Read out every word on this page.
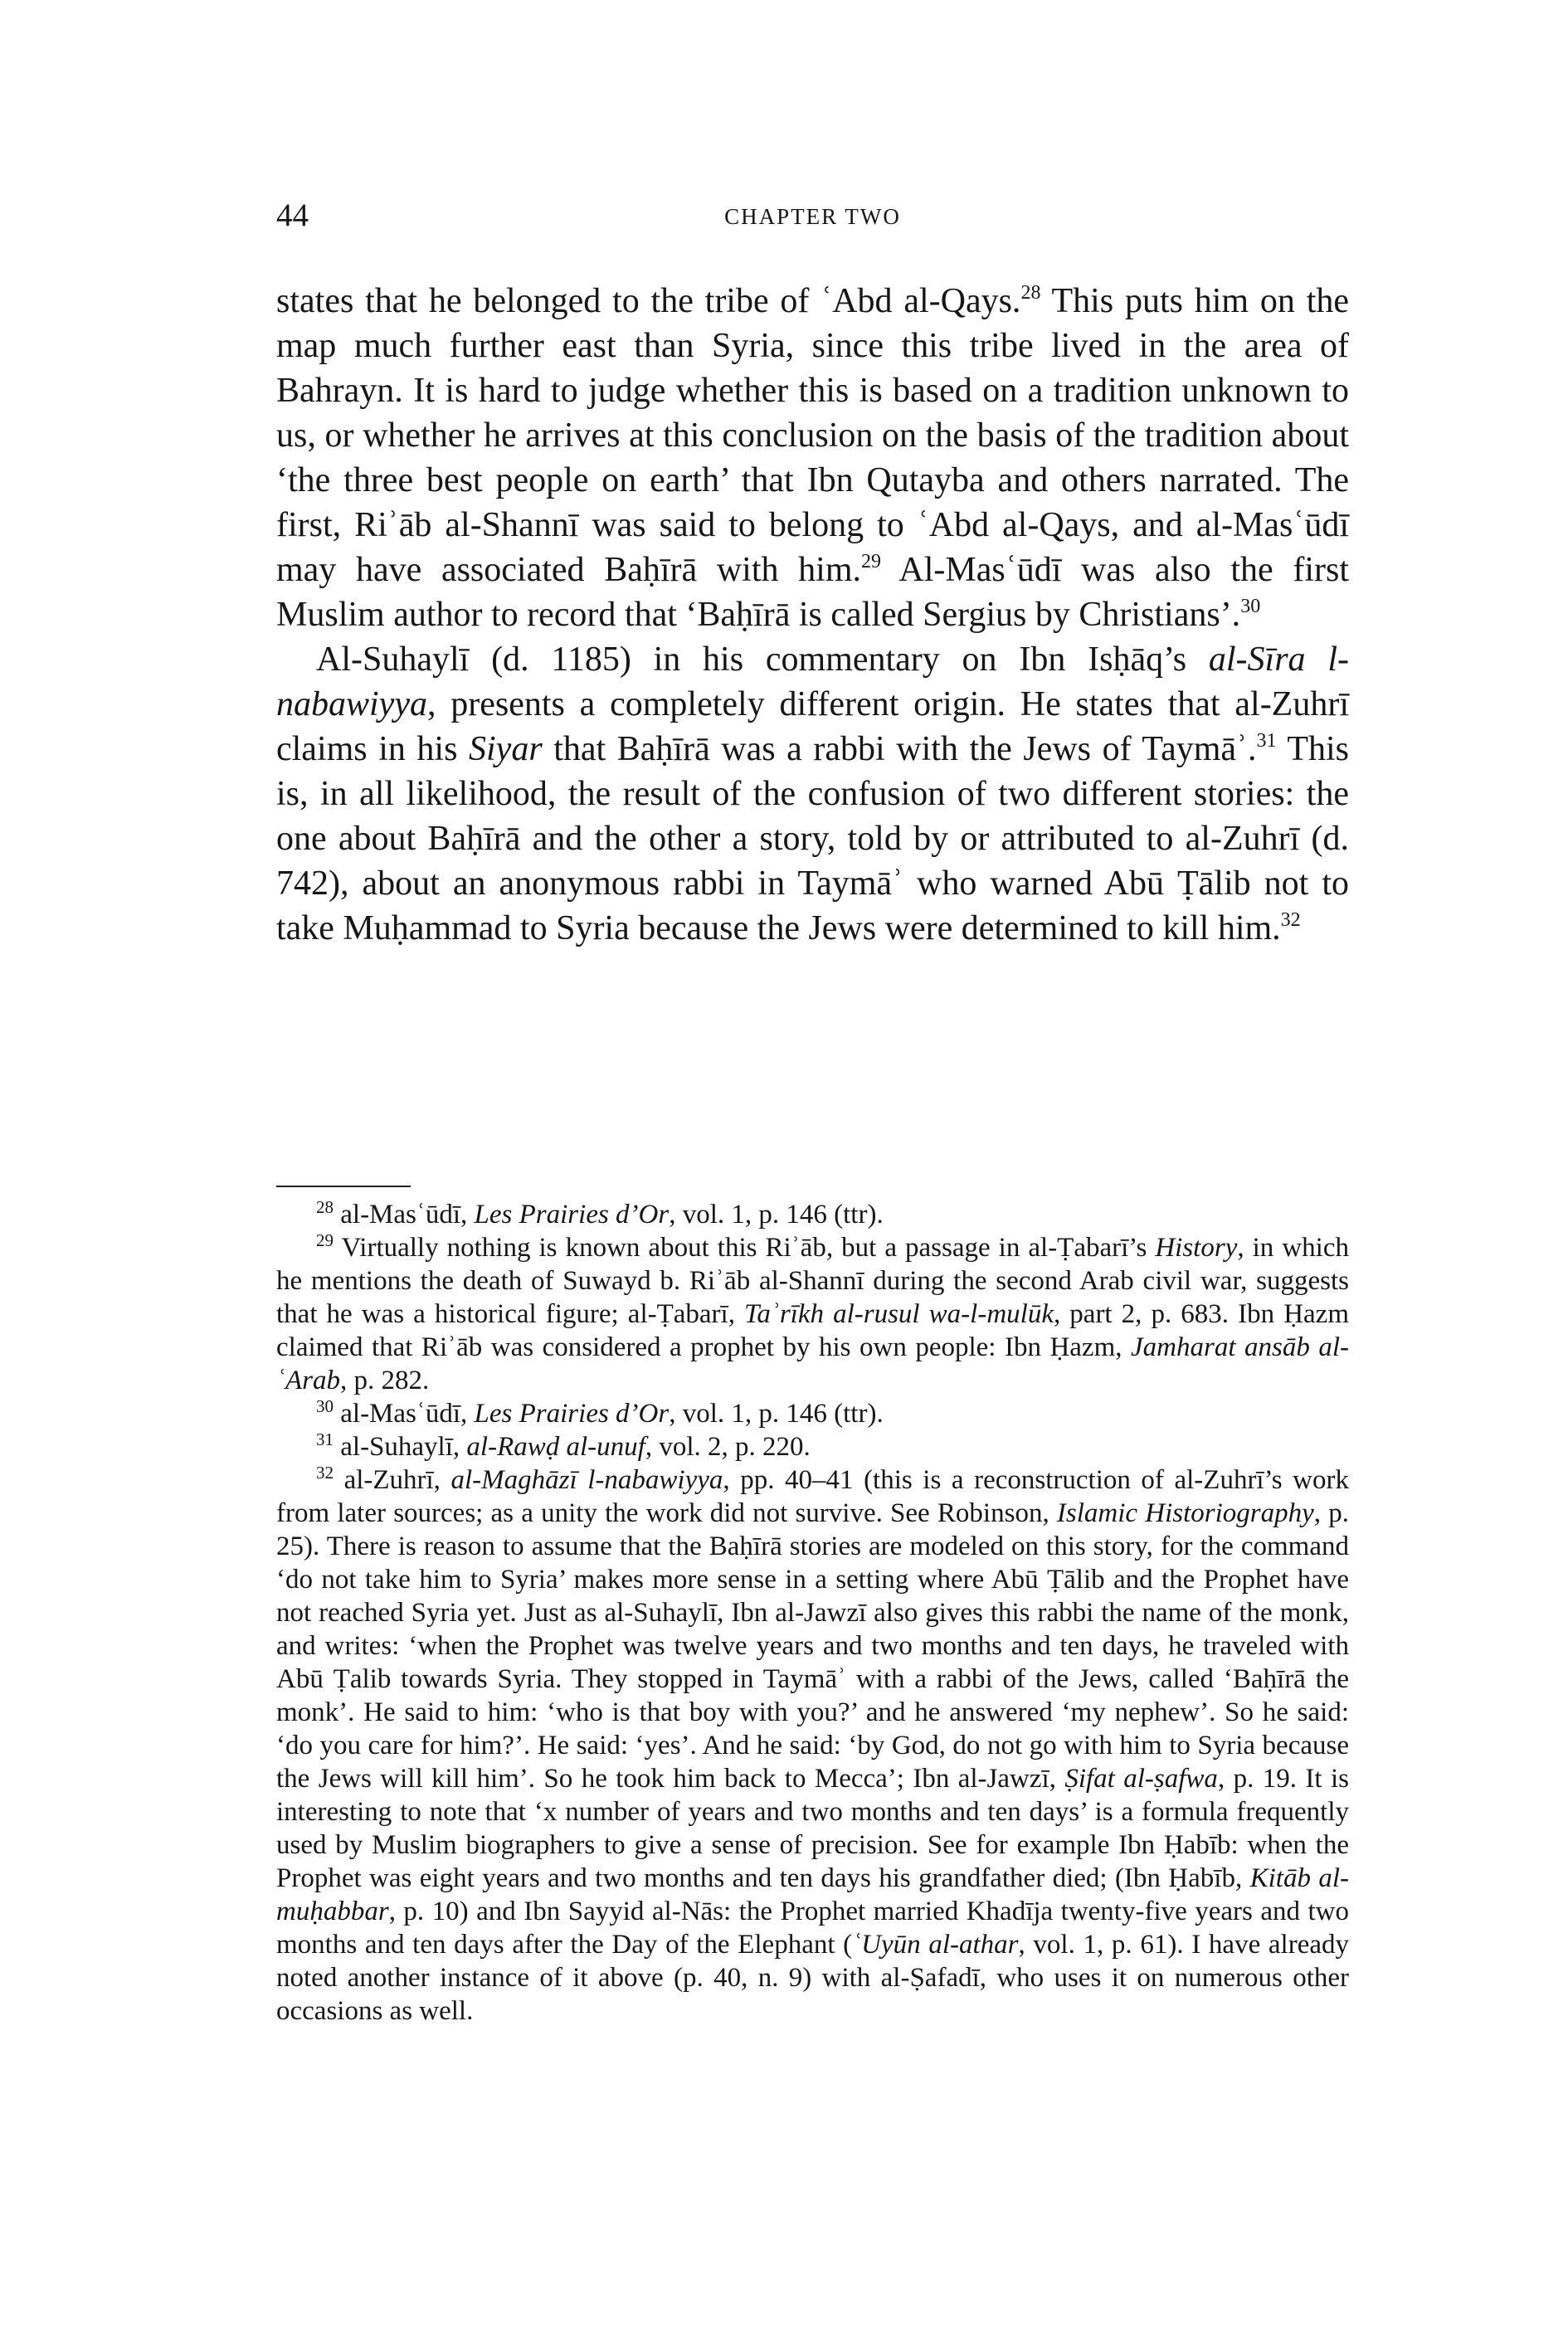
44	CHAPTER TWO

states that he belonged to the tribe of ʿAbd al-Qays.$^{28}$ This puts him on the map much further east than Syria, since this tribe lived in the area of Bahrayn. It is hard to judge whether this is based on a tradition unknown to us, or whether he arrives at this conclusion on the basis of the tradition about ‘the three best people on earth’ that Ibn Qutayba and others narrated. The first, Riʾāb al-Shannī was said to belong to ʿAbd al-Qays, and al-Masʿūdī may have associated Baḥīrā with him.$^{29}$ Al-Masʿūdī was also the first Muslim author to record that ‘Baḥīrā is called Sergius by Christians’.$^{30}$

Al-Suhaylī (d. 1185) in his commentary on Ibn Isḥāq’s al-Sīra l-nabawiyya, presents a completely different origin. He states that al-Zuhrī claims in his Siyar that Baḥīrā was a rabbi with the Jews of Taymāʾ.$^{31}$ This is, in all likelihood, the result of the confusion of two different stories: the one about Baḥīrā and the other a story, told by or attributed to al-Zuhrī (d. 742), about an anonymous rabbi in Taymāʾ who warned Abū Ṭālib not to take Muḥammad to Syria because the Jews were determined to kill him.$^{32}$

$^{28}$ al-Masʿūdī, Les Prairies d’Or, vol. 1, p. 146 (ttr).

$^{29}$ Virtually nothing is known about this Riʾāb, but a passage in al-Ṭabarī’s History, in which he mentions the death of Suwayd b. Riʾāb al-Shannī during the second Arab civil war, suggests that he was a historical figure; al-Ṭabarī, Taʾrīkh al-rusul wa-l-mulūk, part 2, p. 683. Ibn Ḥazm claimed that Riʾāb was considered a prophet by his own people: Ibn Ḥazm, Jamharat ansāb al-ʿArab, p. 282.

$^{30}$ al-Masʿūdī, Les Prairies d’Or, vol. 1, p. 146 (ttr).

$^{31}$ al-Suhaylī, al-Rawḍ al-unuf, vol. 2, p. 220.

$^{32}$ al-Zuhrī, al-Maghāzī l-nabawiyya, pp. 40–41 (this is a reconstruction of al-Zuhrī’s work from later sources; as a unity the work did not survive. See Robinson, Islamic Historiography, p. 25). There is reason to assume that the Baḥīrā stories are modeled on this story, for the command ‘do not take him to Syria’ makes more sense in a setting where Abū Ṭālib and the Prophet have not reached Syria yet. Just as al-Suhaylī, Ibn al-Jawzī also gives this rabbi the name of the monk, and writes: ‘when the Prophet was twelve years and two months and ten days, he traveled with Abū Ṭalib towards Syria. They stopped in Taymāʾ with a rabbi of the Jews, called ‘Baḥīrā the monk’. He said to him: ‘who is that boy with you?’ and he answered ‘my nephew’. So he said: ‘do you care for him?’. He said: ‘yes’. And he said: ‘by God, do not go with him to Syria because the Jews will kill him’. So he took him back to Mecca’; Ibn al-Jawzī, Ṣifat al-ṣafwa, p. 19. It is interesting to note that ‘x number of years and two months and ten days’ is a formula frequently used by Muslim biographers to give a sense of precision. See for example Ibn Ḥabīb: when the Prophet was eight years and two months and ten days his grandfather died; (Ibn Ḥabīb, Kitāb al-muḥabbar, p. 10) and Ibn Sayyid al-Nās: the Prophet married Khadīja twenty-five years and two months and ten days after the Day of the Elephant (ʿUyūn al-athar, vol. 1, p. 61). I have already noted another instance of it above (p. 40, n. 9) with al-Ṣafadī, who uses it on numerous other occasions as well.
